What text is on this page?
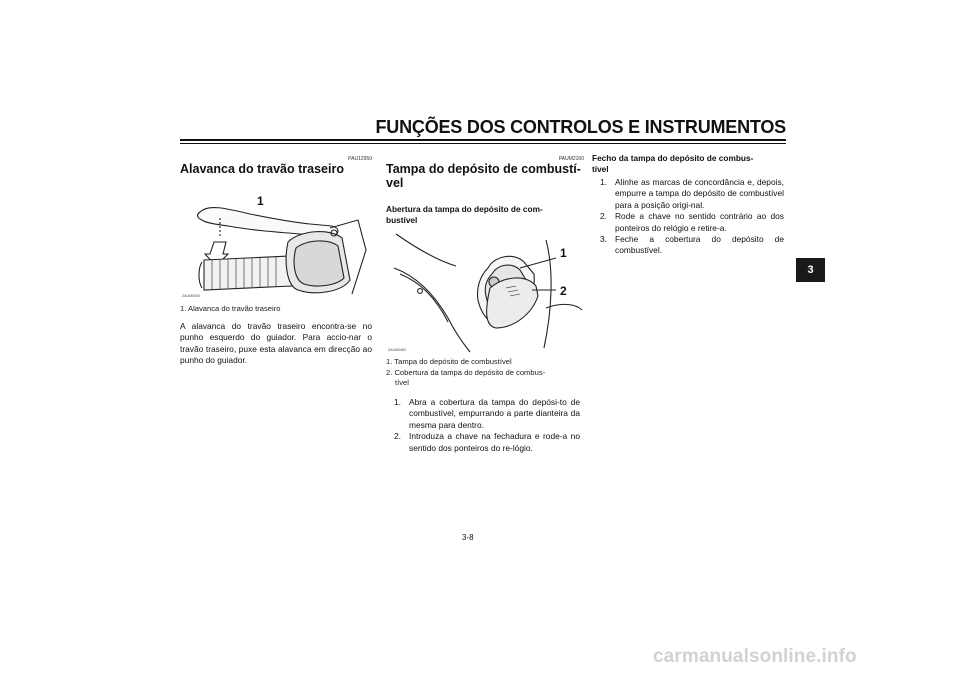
FUNÇÕES DOS CONTROLOS E INSTRUMENTOS
3
PAU12950
Alavanca do travão traseiro
1
ZAUM0000
1. Alavanca do travão traseiro

A alavanca do travão traseiro encontra-se no punho esquerdo do guiador. Para accio-nar o travão traseiro, puxe esta alavanca em direcção ao punho do guiador.

PAUM2160
Tampa do depósito de combustí-
vel
Abertura da tampa do depósito de com-
bustível
1
2
ZAUM0463
1. Tampa do depósito de combustível
2. Cobertura da tampa do depósito de combus-
tível
1. Abra a cobertura da tampa do depósi-to de combustível, empurrando a parte dianteira da mesma para dentro.
2. Introduza a chave na fechadura e rode-a no sentido dos ponteiros do re-lógio.
Fecho da tampa do depósito de combus-
tível
1. Alinhe as marcas de concordância e, depois, empurre a tampa do depósito de combustível para a posição origi-nal.
2. Rode a chave no sentido contrário ao dos ponteiros do relógio e retire-a.
3. Feche a cobertura do depósito de combustível.
3-8
carmanualsonline.info
